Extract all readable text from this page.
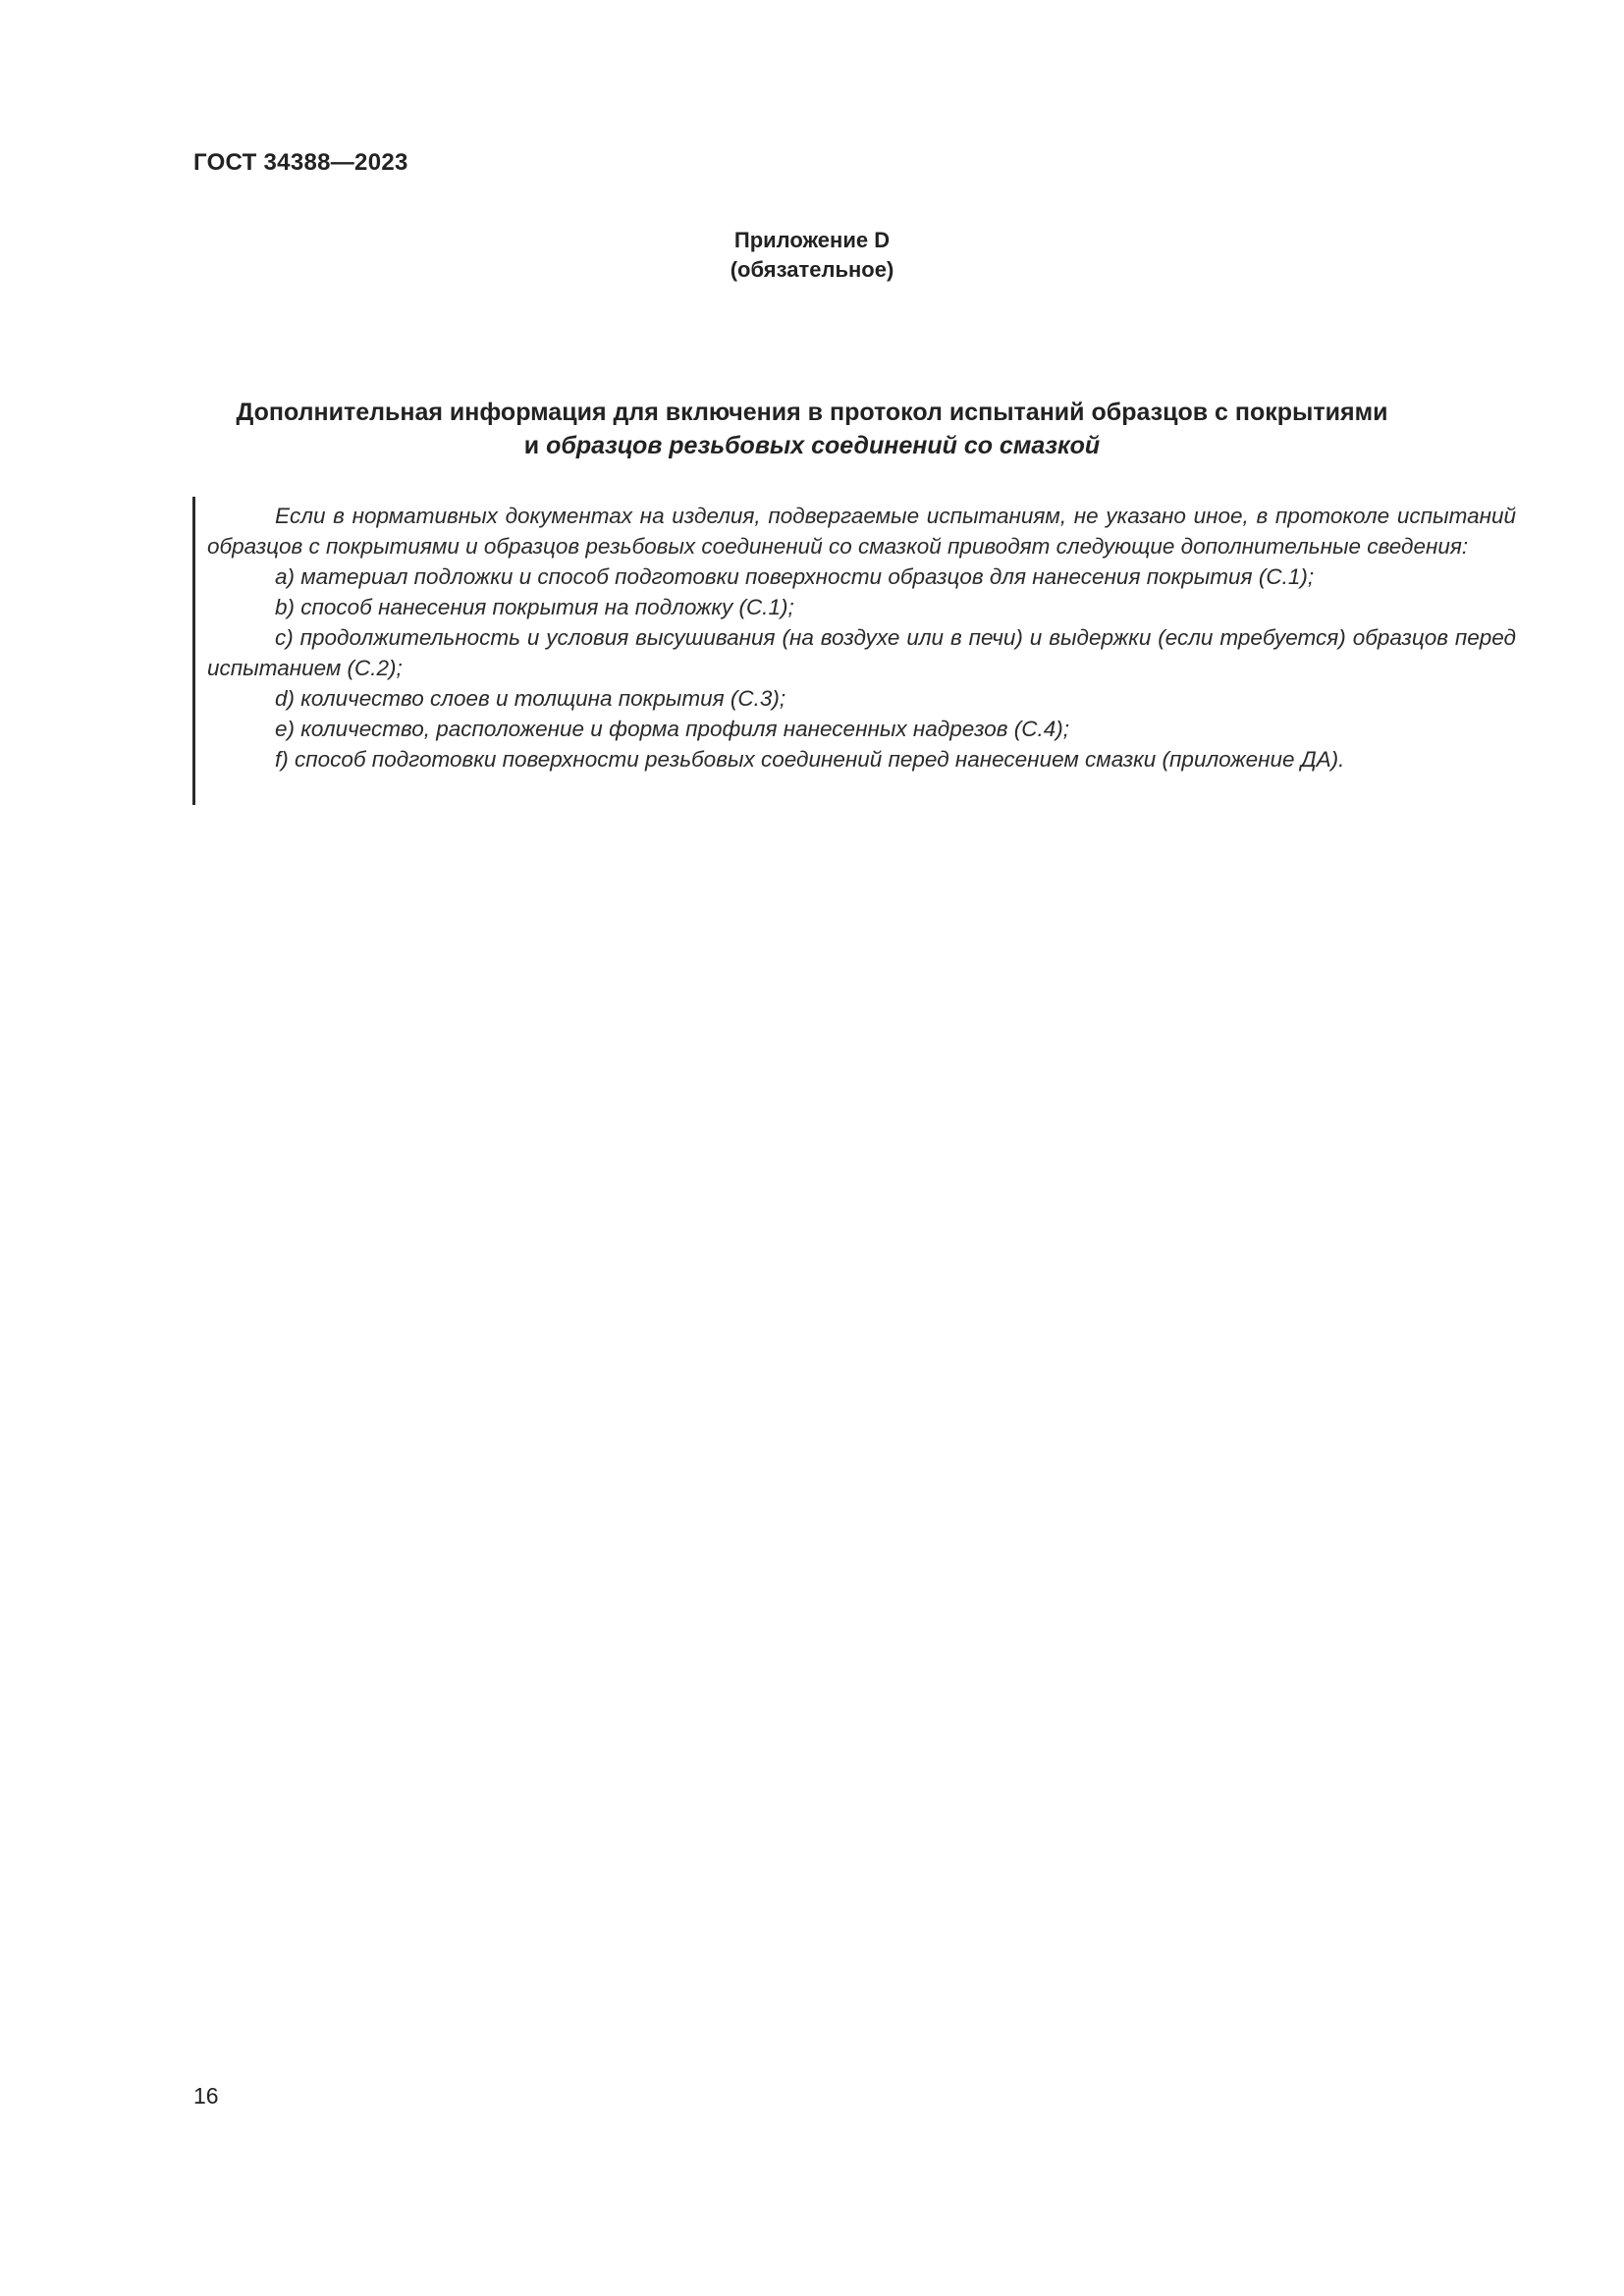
ГОСТ 34388—2023
Приложение D
(обязательное)
Дополнительная информация для включения в протокол испытаний образцов с покрытиями
и образцов резьбовых соединений со смазкой

Если в нормативных документах на изделия, подвергаемые испытаниям, не указано иное, в протоколе испытаний образцов с покрытиями и образцов резьбовых соединений со смазкой приводят следующие дополнительные сведения:

a) материал подложки и способ подготовки поверхности образцов для нанесения покрытия (С.1);

b) способ нанесения покрытия на подложку (С.1);

c) продолжительность и условия высушивания (на воздухе или в печи) и выдержки (если требуется) образцов перед испытанием (С.2);

d) количество слоев и толщина покрытия (С.3);

e) количество, расположение и форма профиля нанесенных надрезов (С.4);

f) способ подготовки поверхности резьбовых соединений перед нанесением смазки (приложение ДА).

16
